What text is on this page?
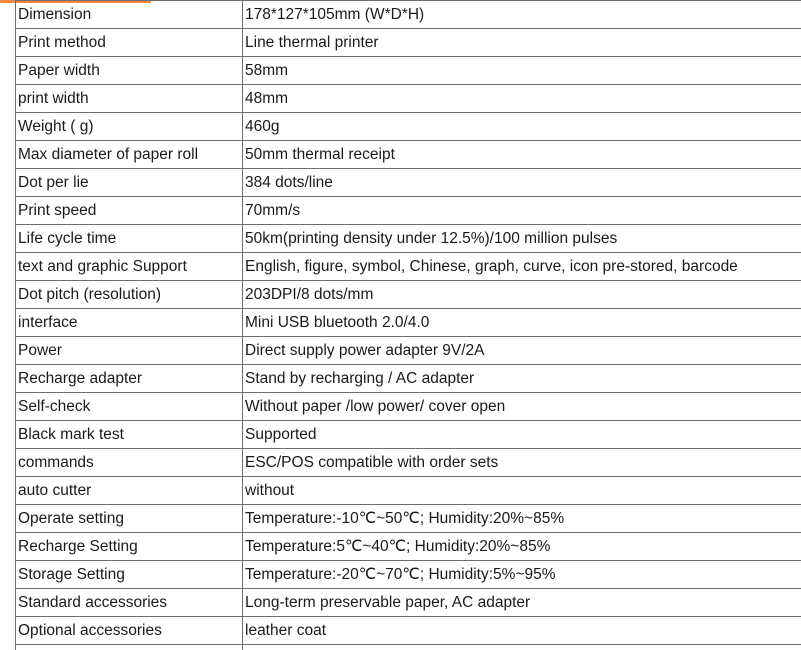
Dimension	178*127*105mm (W*D*H)
Print method	Line thermal printer
Paper width	58mm
print width	48mm
Weight ( g)	460g
Max diameter of paper roll	50mm thermal receipt
Dot per lie	384 dots/line
Print speed	70mm/s
Life cycle time	50km(printing density under 12.5%)/100 million pulses
text and graphic Support	English, figure, symbol, Chinese, graph, curve, icon pre-stored, barcode
Dot pitch (resolution)	203DPI/8 dots/mm
interface	Mini USB bluetooth 2.0/4.0
Power	Direct supply power adapter 9V/2A
Recharge adapter	Stand by recharging / AC adapter
Self-check	Without paper /low power/ cover open
Black mark test	Supported
commands	ESC/POS compatible with order sets
auto cutter	without
Operate setting	Temperature:-10℃~50℃; Humidity:20%~85%
Recharge Setting	Temperature:5℃~40℃; Humidity:20%~85%
Storage Setting	Temperature:-20℃~70℃; Humidity:5%~95%
Standard accessories	Long-term preservable paper, AC adapter
Optional accessories	leather coat
